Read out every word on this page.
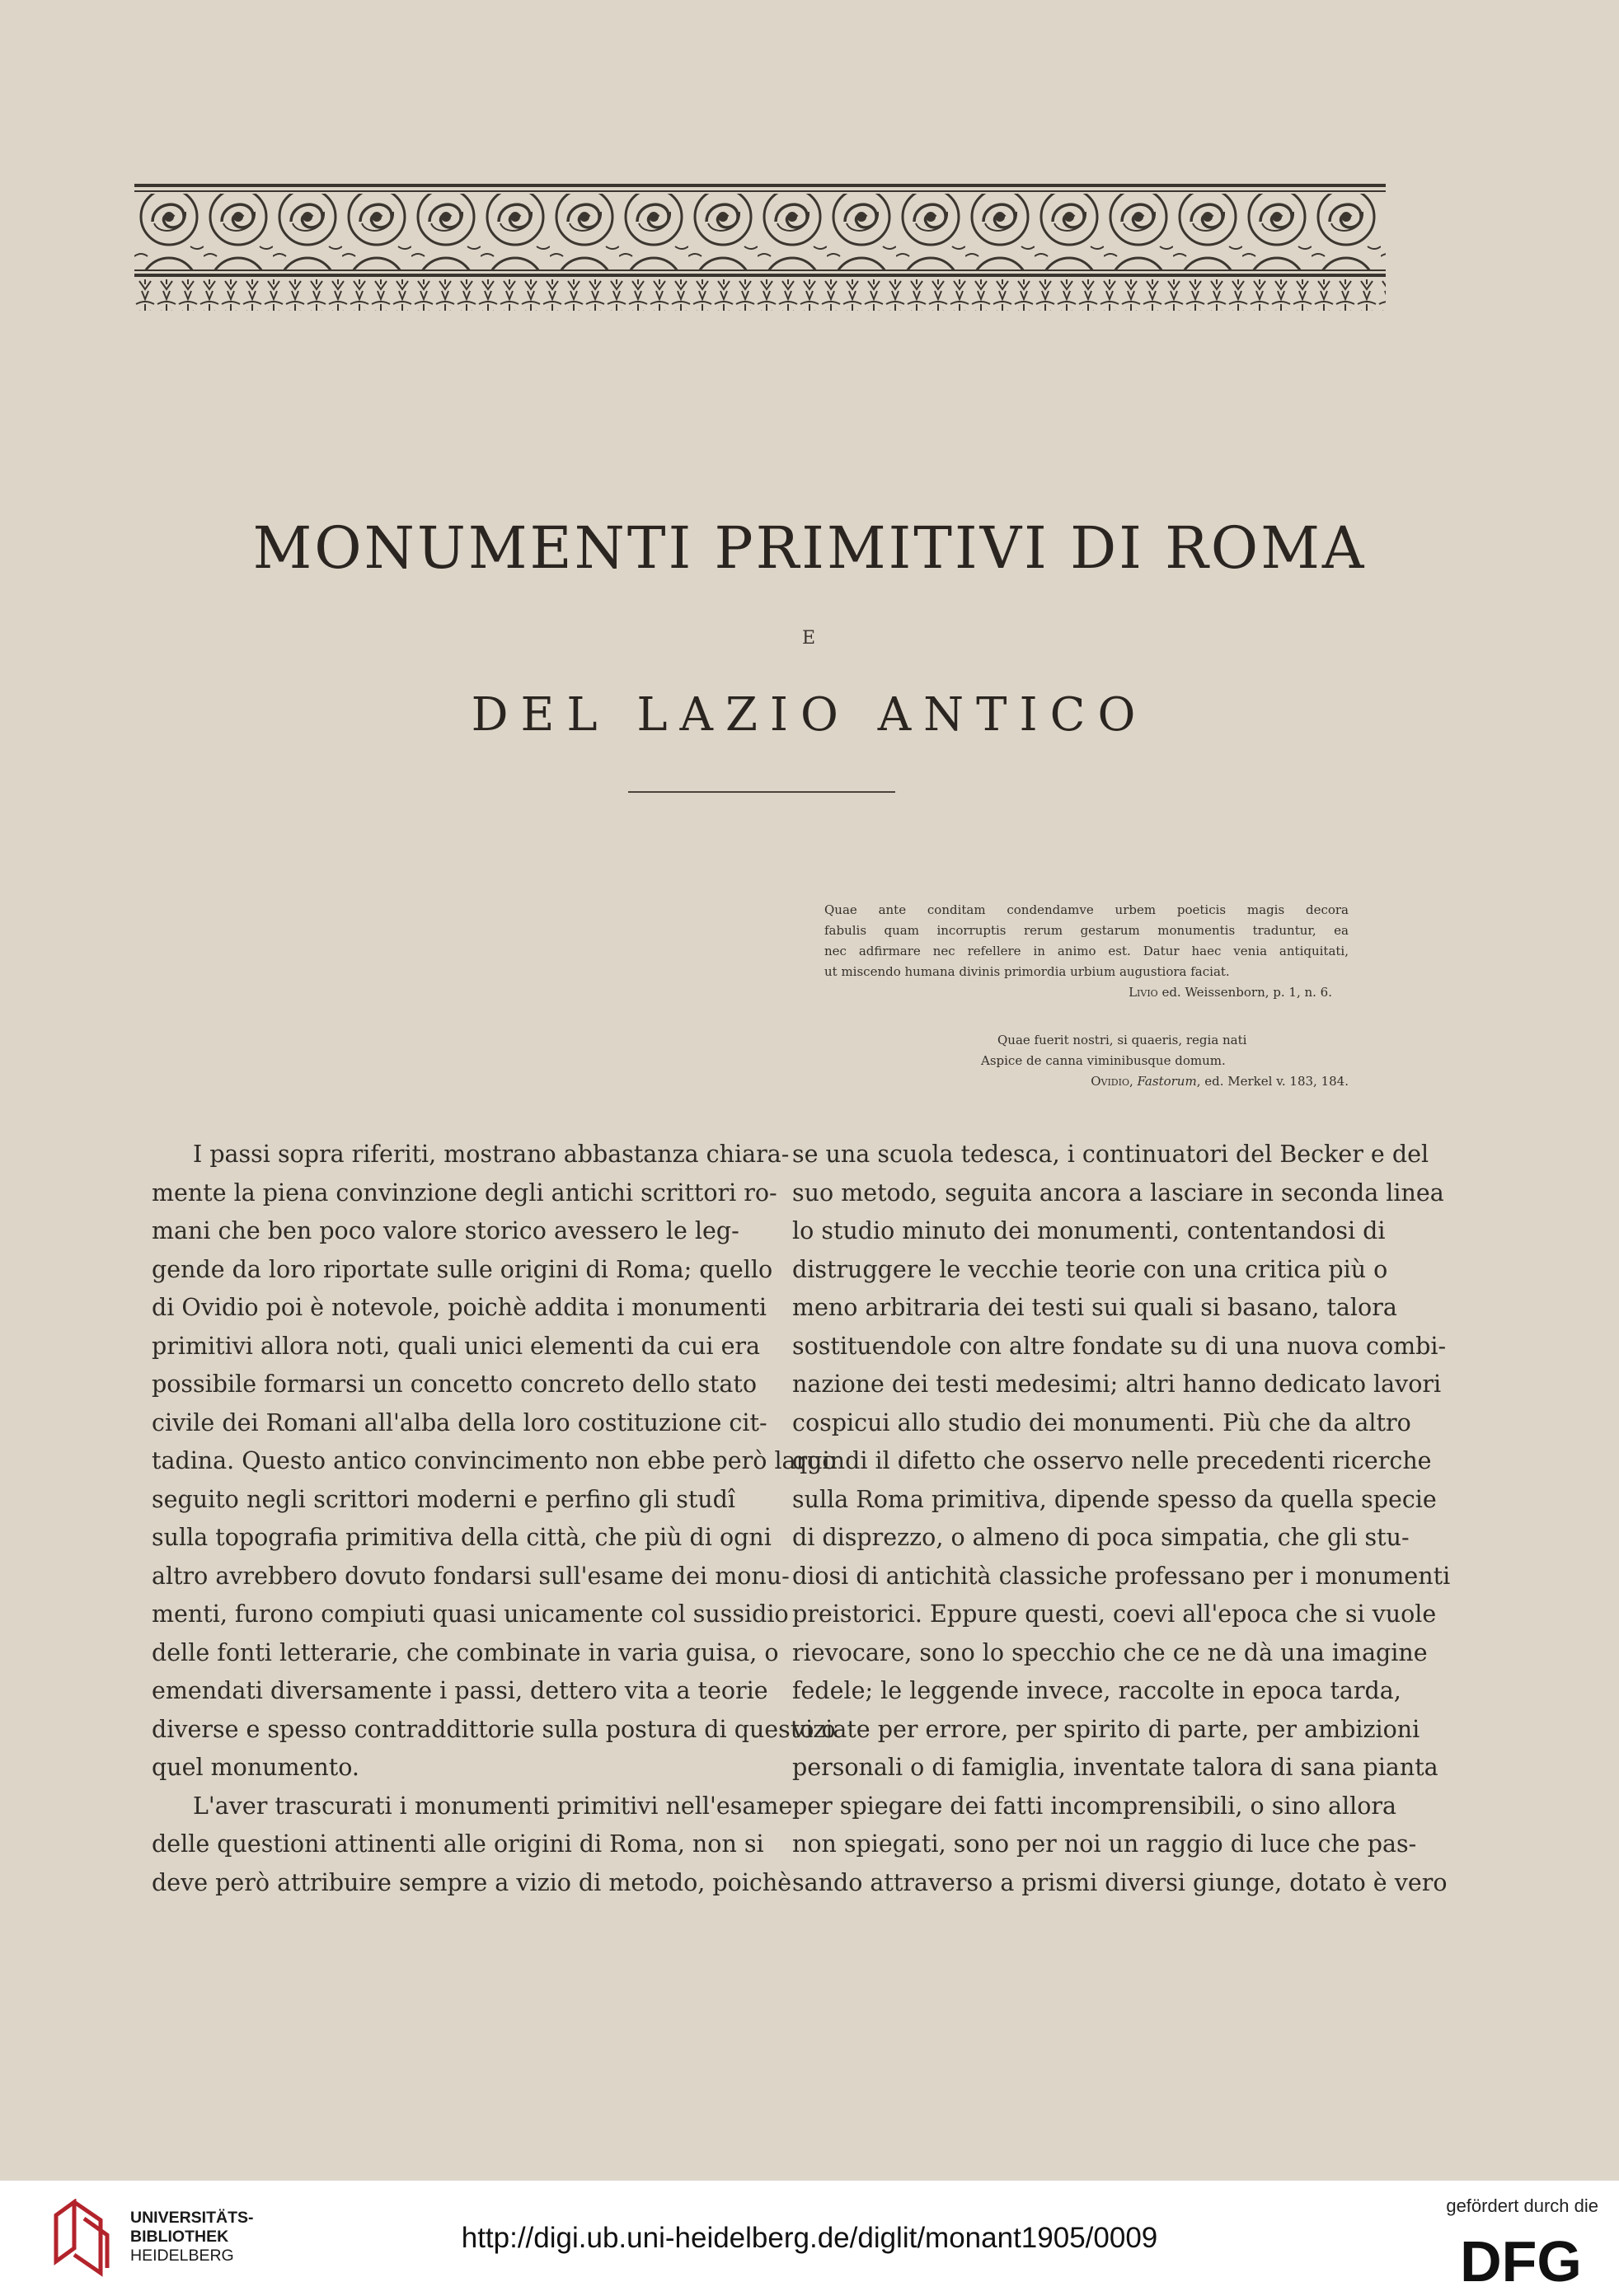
MONUMENTI PRIMITIVI DI ROMA
E
DEL LAZIO ANTICO
Quae ante conditam condendamve urbem poeticis magis decora
fabulis quam incorruptis rerum gestarum monumentis traduntur, ea
nec adfirmare nec refellere in animo est. Datur haec venia antiquitati,
ut miscendo humana divinis primordia urbium augustiora faciat.
Livio ed. Weissenborn, p. 1, n. 6.
Quae fuerit nostri, si quaeris, regia nati
Aspice de canna viminibusque domum.
Ovidio, Fastorum, ed. Merkel v. 183, 184.
I passi sopra riferiti, mostrano abbastanza chiara-
mente la piena convinzione degli antichi scrittori ro-
mani che ben poco valore storico avessero le leg-
gende da loro riportate sulle origini di Roma; quello
di Ovidio poi è notevole, poichè addita i monumenti
primitivi allora noti, quali unici elementi da cui era
possibile formarsi un concetto concreto dello stato
civile dei Romani all'alba della loro costituzione cit-
tadina. Questo antico convincimento non ebbe però largo
seguito negli scrittori moderni e perfino gli studî
sulla topografia primitiva della città, che più di ogni
altro avrebbero dovuto fondarsi sull'esame dei monu-
menti, furono compiuti quasi unicamente col sussidio
delle fonti letterarie, che combinate in varia guisa, o
emendati diversamente i passi, dettero vita a teorie
diverse e spesso contraddittorie sulla postura di questo o
quel monumento.
L'aver trascurati i monumenti primitivi nell'esame
delle questioni attinenti alle origini di Roma, non si
deve però attribuire sempre a vizio di metodo, poichè
se una scuola tedesca, i continuatori del Becker e del
suo metodo, seguita ancora a lasciare in seconda linea
lo studio minuto dei monumenti, contentandosi di
distruggere le vecchie teorie con una critica più o
meno arbitraria dei testi sui quali si basano, talora
sostituendole con altre fondate su di una nuova combi-
nazione dei testi medesimi; altri hanno dedicato lavori
cospicui allo studio dei monumenti. Più che da altro
quindi il difetto che osservo nelle precedenti ricerche
sulla Roma primitiva, dipende spesso da quella specie
di disprezzo, o almeno di poca simpatia, che gli stu-
diosi di antichità classiche professano per i monumenti
preistorici. Eppure questi, coevi all'epoca che si vuole
rievocare, sono lo specchio che ce ne dà una imagine
fedele; le leggende invece, raccolte in epoca tarda,
viziate per errore, per spirito di parte, per ambizioni
personali o di famiglia, inventate talora di sana pianta
per spiegare dei fatti incomprensibili, o sino allora
non spiegati, sono per noi un raggio di luce che pas-
sando attraverso a prismi diversi giunge, dotato è vero
UNIVERSITÄTS-
BIBLIOTHEK
HEIDELBERG
http://digi.ub.uni-heidelberg.de/diglit/monant1905/0009
gefördert durch die
DFG
